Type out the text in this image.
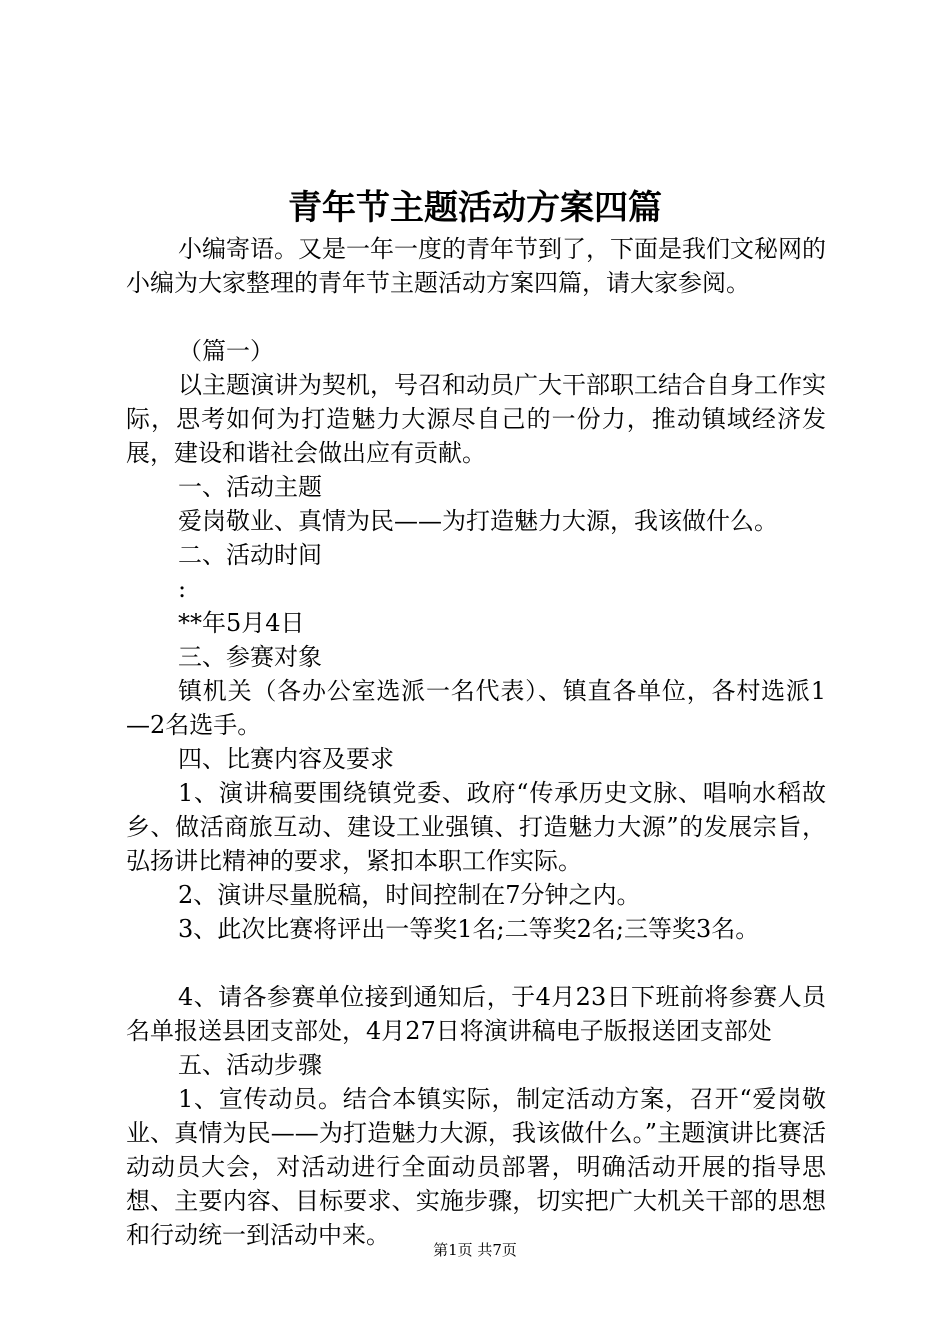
青年节主题活动方案四篇

小编寄语。又是一年一度的青年节到了，下面是我们文秘网的小编为大家整理的青年节主题活动方案四篇，请大家参阅。

（篇一）

以主题演讲为契机，号召和动员广大干部职工结合自身工作实际，思考如何为打造魅力大源尽自己的一份力，推动镇域经济发展，建设和谐社会做出应有贡献。

一、活动主题

爱岗敬业、真情为民——为打造魅力大源，我该做什么。

二、活动时间

:

**年5月4日

三、参赛对象

镇机关（各办公室选派一名代表）、镇直各单位，各村选派1—2名选手。

四、比赛内容及要求

1、演讲稿要围绕镇党委、政府“传承历史文脉、唱响水稻故乡、做活商旅互动、建设工业强镇、打造魅力大源”的发展宗旨，弘扬讲比精神的要求，紧扣本职工作实际。

2、演讲尽量脱稿，时间控制在7分钟之内。

3、此次比赛将评出一等奖1名;二等奖2名;三等奖3名。

4、请各参赛单位接到通知后，于4月23日下班前将参赛人员名单报送县团支部处，4月27日将演讲稿电子版报送团支部处

五、活动步骤

1、宣传动员。结合本镇实际，制定活动方案，召开“爱岗敬业、真情为民——为打造魅力大源，我该做什么。”主题演讲比赛活动动员大会，对活动进行全面动员部署，明确活动开展的指导思想、主要内容、目标要求、实施步骤，切实把广大机关干部的思想和行动统一到活动中来。

第1页 共7页
